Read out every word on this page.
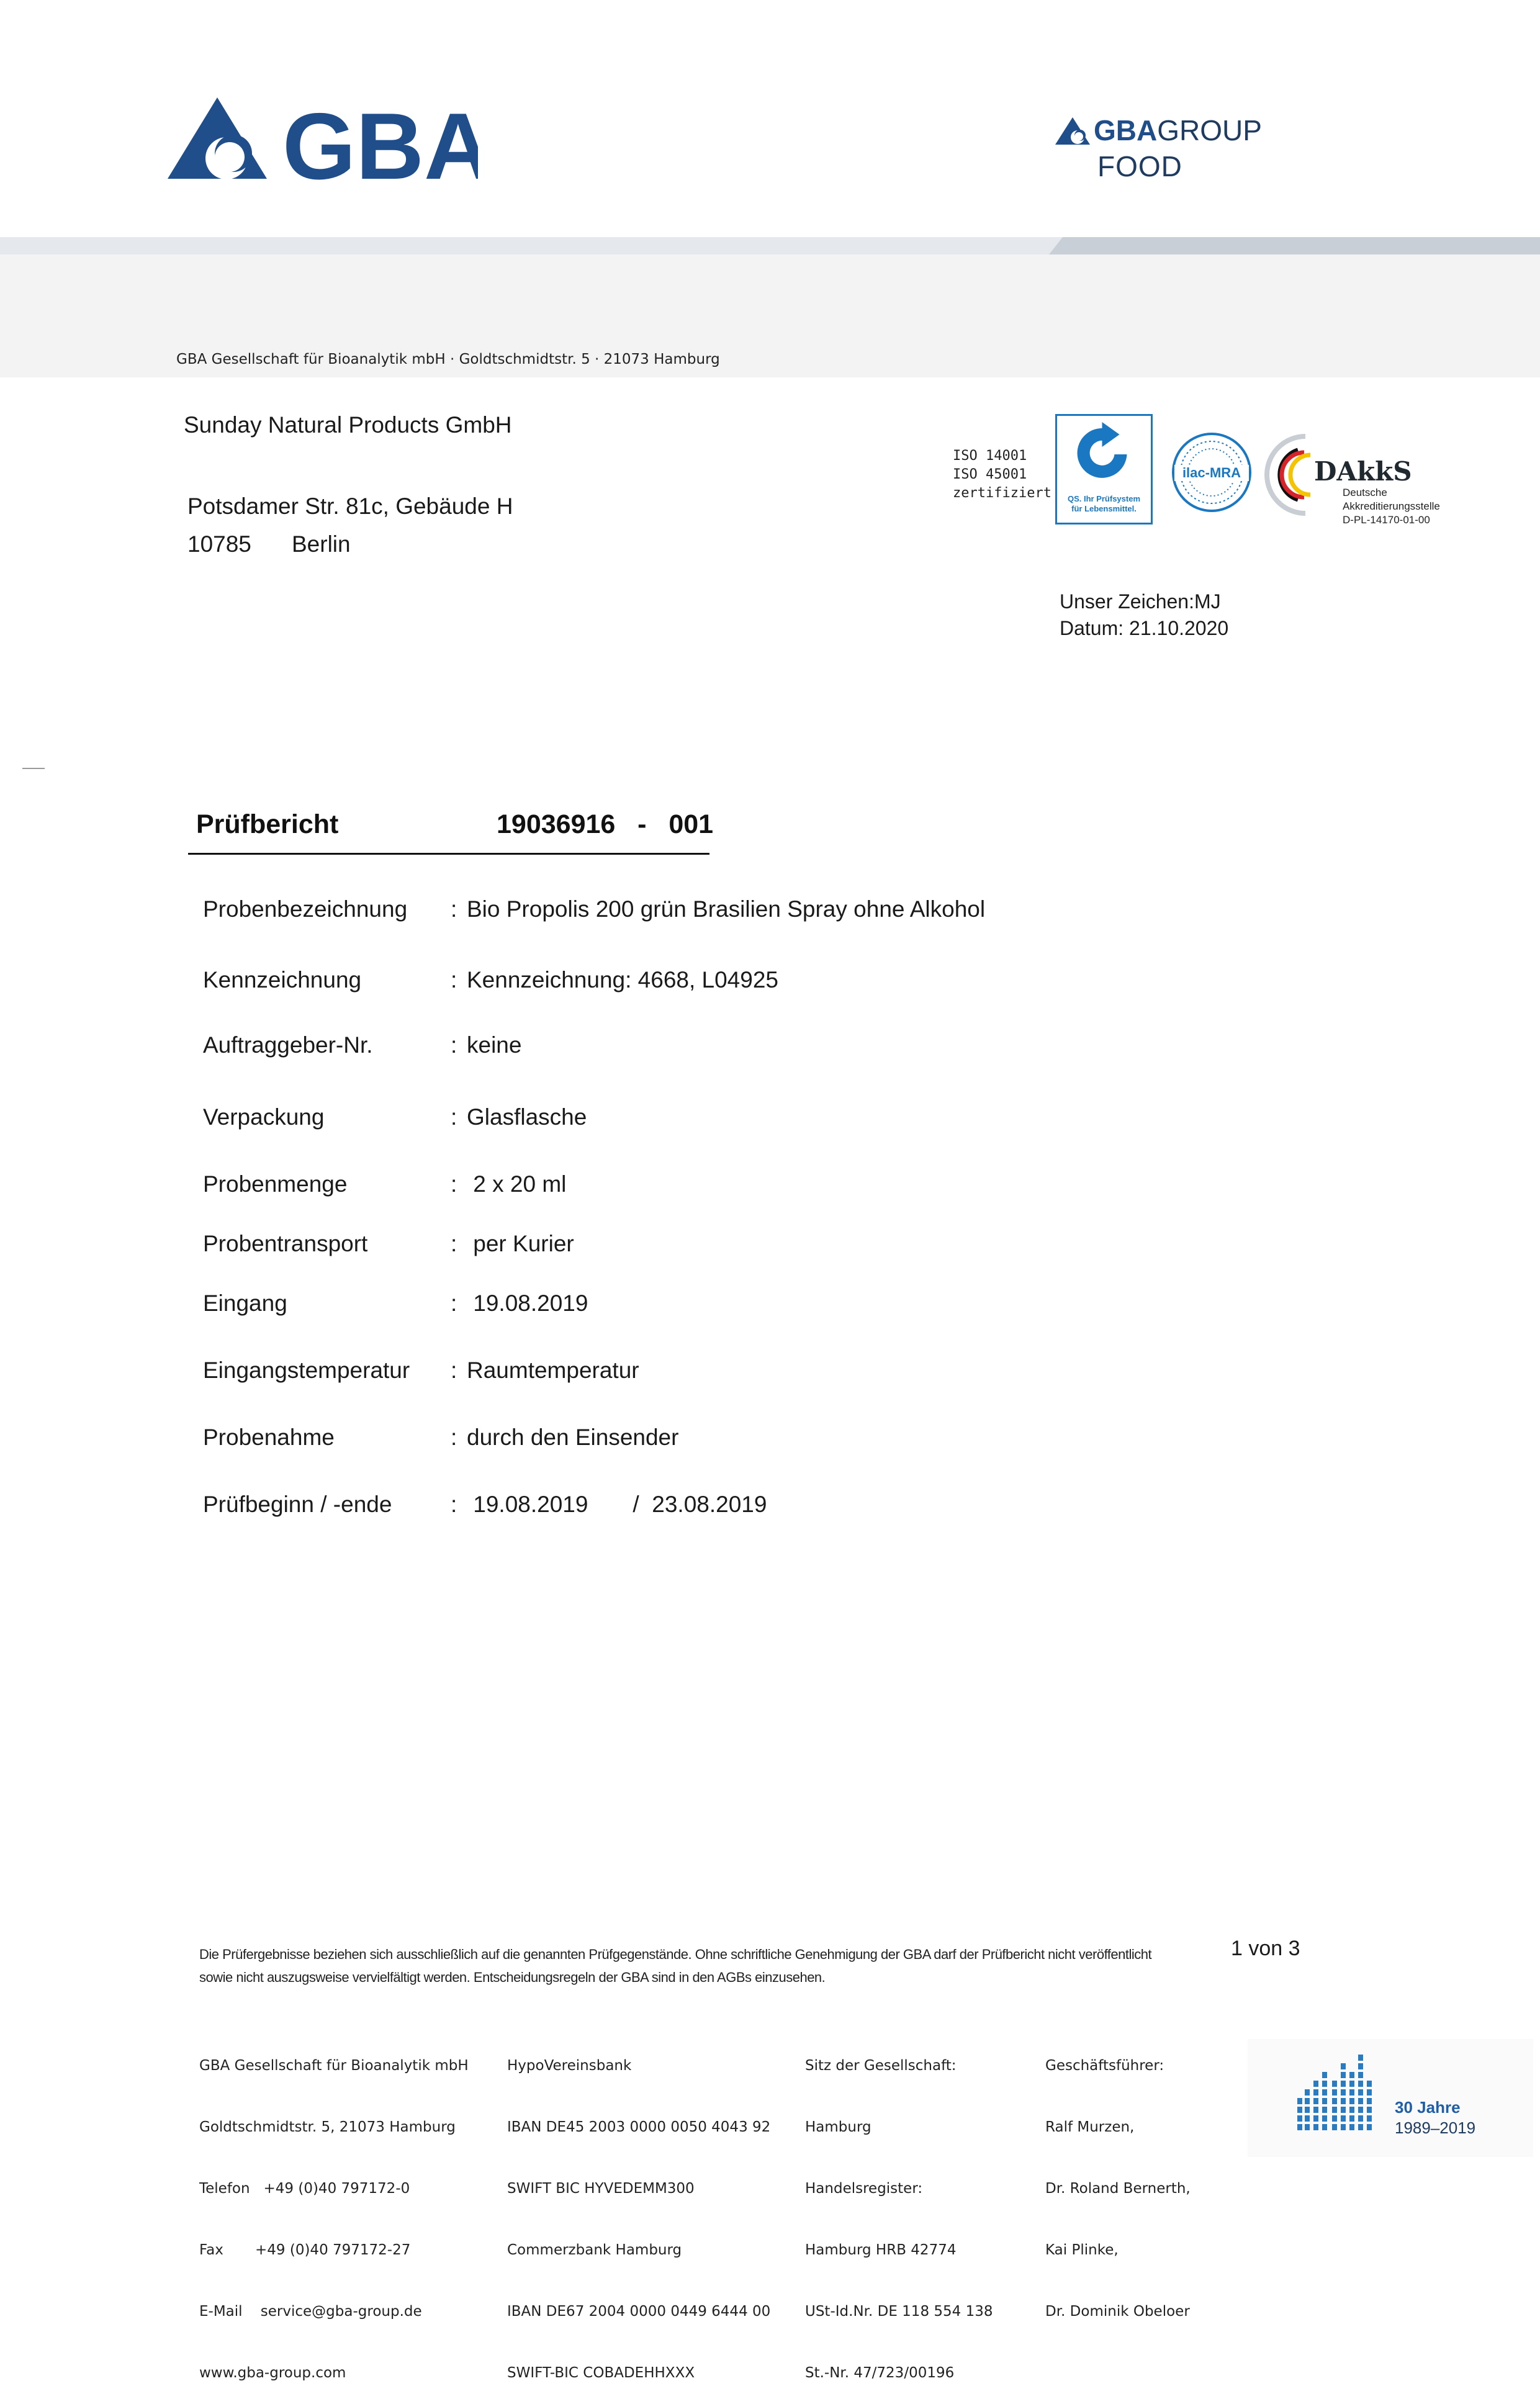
GBA	GBAGROUP
FOOD
GBA Gesellschaft für Bioanalytik mbH · Goldtschmidtstr. 5 · 21073 Hamburg
Sunday Natural Products GmbH
Potsdamer Str. 81c, Gebäude H
10785 Berlin
ISO 14001
ISO 45001
zertifiziert	QS. Ihr Prüfsystem
für Lebensmittel.
ilac-MRA	DAkkS
Deutsche
Akkreditierungsstelle
D-PL-14170-01-00
Unser Zeichen:MJ
Datum: 21.10.2020
Prüfbericht	19036916   -   001
Probenbezeichnung : Bio Propolis 200 grün Brasilien Spray ohne Alkohol
Kennzeichnung	: Kennzeichnung: 4668, L04925
Auftraggeber-Nr.	: keine
Verpackung	: Glasflasche
Probenmenge	: 2 x 20 ml
Probentransport	: per Kurier
Eingang	: 19.08.2019
Eingangstemperatur : Raumtemperatur
Probenahme	: durch den Einsender
Prüfbeginn / -ende	: 19.08.2019       /  23.08.2019
Die Prüfergebnisse beziehen sich ausschließlich auf die genannten Prüfgegenstände. Ohne schriftliche Genehmigung der GBA darf der Prüfbericht nicht veröffentlicht sowie nicht auszugsweise vervielfältigt werden. Entscheidungsregeln der GBA sind in den AGBs einzusehen.
1 von 3

GBA Gesellschaft für Bioanalytik mbH

Goldtschmidtstr. 5, 21073 Hamburg

Telefon   +49 (0)40 797172-0

Fax       +49 (0)40 797172-27

E-Mail    service@gba-group.de

www.gba-group.com

HypoVereinsbank

IBAN DE45 2003 0000 0050 4043 92

SWIFT BIC HYVEDEMM300

Commerzbank Hamburg

IBAN DE67 2004 0000 0449 6444 00

SWIFT-BIC COBADEHHXXX

Sitz der Gesellschaft:

Hamburg

Handelsregister:

Hamburg HRB 42774

USt-Id.Nr. DE 118 554 138

St.-Nr. 47/723/00196

Geschäftsführer:

Ralf Murzen,

Dr. Roland Bernerth,

Kai Plinke,

Dr. Dominik Obeloer

30 Jahre
1989–2019
